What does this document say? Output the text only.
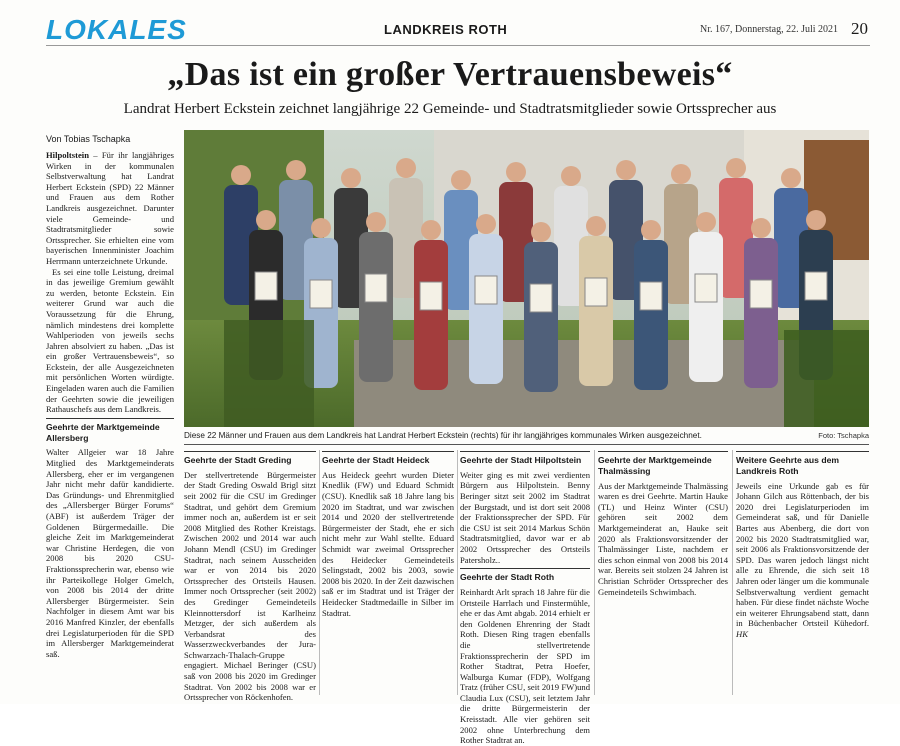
LOKALES	LANDKREIS ROTH	Nr. 167, Donnerstag, 22. Juli 2021 20
„Das ist ein großer Vertrauensbeweis“
Landrat Herbert Eckstein zeichnet langjährige 22 Gemeinde- und Stadtratsmitglieder sowie Ortssprecher aus
Von Tobias Tschapka

Hilpoltstein – Für ihr langjähriges Wirken in der kommunalen Selbstverwaltung hat Landrat Herbert Eckstein (SPD) 22 Männer und Frauen aus dem Rother Landkreis ausgezeichnet. Darunter viele Gemeinde- und Stadtratsmitglieder sowie Ortssprecher. Sie erhielten eine vom bayerischen Innenminister Joachim Herrmann unterzeichnete Urkunde.

Es sei eine tolle Leistung, dreimal in das jeweilige Gremium gewählt zu werden, betonte Eckstein. Ein weiterer Grund war auch die Voraussetzung für die Ehrung, nämlich mindestens drei komplette Wahlperioden von jeweils sechs Jahren absolviert zu haben. „Das ist ein großer Vertrauensbeweis“, so Eckstein, der alle Ausgezeichneten mit persönlichen Worten würdigte. Eingeladen waren auch die Familien der Geehrten sowie die jeweiligen Rathauschefs aus dem Landkreis.

Geehrte der Marktgemeinde Allersberg

Walter Allgeier war 18 Jahre Mitglied des Marktgemeinderats Allersberg, eher er im vergangenen Jahr nicht mehr dafür kandidierte. Das Gründungs- und Ehrenmitglied des „Allersberger Bürger Forums“ (ABF) ist außerdem Träger der Goldenen Bürgermedaille. Die gleiche Zeit im Marktgemeinderat war Christine Herdegen, die von 2008 bis 2020 CSU-Fraktionssprecherin war, ebenso wie ihr Parteikollege Holger Gmelch, von 2008 bis 2014 der dritte Allersberger Bürgermeister. Sein Nachfolger in diesem Amt war bis 2016 Manfred Kinzler, der ebenfalls drei Legislaturperioden für die SPD im Allersberger Marktgemeinderat saß.

Diese 22 Männer und Frauen aus dem Landkreis hat Landrat Herbert Eckstein (rechts) für ihr langjähriges kommunales Wirken ausgezeichnet.	Foto: Tschapka
Geehrte der Stadt Greding

Der stellvertretende Bürgermeister der Stadt Greding Oswald Brigl sitzt seit 2002 für die CSU im Gredinger Stadtrat, und gehört dem Gremium immer noch an, außerdem ist er seit 2008 Mitglied des Rother Kreistags. Zwischen 2002 und 2014 war auch Johann Mendl (CSU) im Gredinger Stadtrat, nach seinem Ausscheiden war er von 2014 bis 2020 Ortssprecher des Ortsteils Hausen. Immer noch Ortssprecher (seit 2002) des Gredinger Gemeindeteils Kleinnottersdorf ist Karlheinz Metzger, der sich außerdem als Verbandsrat des Wasserzweckverbandes der Jura-Schwarzach-Thalach-Gruppe engagiert. Michael Beringer (CSU) saß von 2008 bis 2020 im Gredinger Stadtrat. Von 2002 bis 2008 war er Ortssprecher von Röckenhofen.

Geehrte der Stadt Heideck

Aus Heideck geehrt wurden Dieter Knedlik (FW) und Eduard Schmidt (CSU). Knedlik saß 18 Jahre lang bis 2020 im Stadtrat, und war zwischen 2014 und 2020 der stellvertretende Bürgermeister der Stadt, ehe er sich nicht mehr zur Wahl stellte. Eduard Schmidt war zweimal Ortssprecher des Heidecker Gemeindeteils Selingstadt, 2002 bis 2003, sowie 2008 bis 2020. In der Zeit dazwischen saß er im Stadtrat und ist Träger der Heidecker Stadtmedaille in Silber im Stadtrat.

Geehrte der Stadt Hilpoltstein

Weiter ging es mit zwei verdienten Bürgern aus Hilpoltstein. Benny Beringer sitzt seit 2002 im Stadtrat der Burgstadt, und ist dort seit 2008 der Fraktionssprecher der SPD. Für die CSU ist seit 2014 Markus Schön Stadtratsmitglied, davor war er ab 2002 Ortssprecher des Ortsteils Patersholz..

Geehrte der Stadt Roth

Reinhardt Arlt sprach 18 Jahre für die Ortsteile Harrlach und Finstermühle, ehe er das Amt abgab. 2014 erhielt er den Goldenen Ehrenring der Stadt Roth. Diesen Ring tragen ebenfalls die stellvertretende Fraktionssprecherin der SPD im Rother Stadtrat, Petra Hoefer, Walburga Kumar (FDP), Wolfgang Tratz (früher CSU, seit 2019 FW)und Claudia Lux (CSU), seit letztem Jahr die dritte Bürgermeisterin der Kreisstadt. Alle vier gehören seit 2002 ohne Unterbrechung dem Rother Stadtrat an.

Geehrte der Marktgemeinde Thalmässing

Aus der Marktgemeinde Thalmässing waren es drei Geehrte. Martin Hauke (TL) und Heinz Winter (CSU) gehören seit 2002 dem Marktgemeinderat an, Hauke seit 2020 als Fraktionsvorsitzender der Thalmässinger Liste, nachdem er dies schon einmal von 2008 bis 2014 war. Bereits seit stolzen 24 Jahren ist Christian Schröder Ortssprecher des Gemeindeteils Schwimbach.

Weitere Geehrte aus dem Landkreis Roth

Jeweils eine Urkunde gab es für Johann Gilch aus Röttenbach, der bis 2020 drei Legislaturperioden im Gemeinderat saß, und für Danielle Bartes aus Abenberg, die dort von 2002 bis 2020 Stadtratsmitglied war, seit 2006 als Fraktionsvorsitzende der SPD. Das waren jedoch längst nicht alle zu Ehrende, die sich seit 18 Jahren oder länger um die kommunale Selbstverwaltung verdient gemacht haben. Für diese findet nächste Woche ein weiterer Ehrungsabend statt, dann in Büchenbacher Ortsteil Kühedorf. HK
